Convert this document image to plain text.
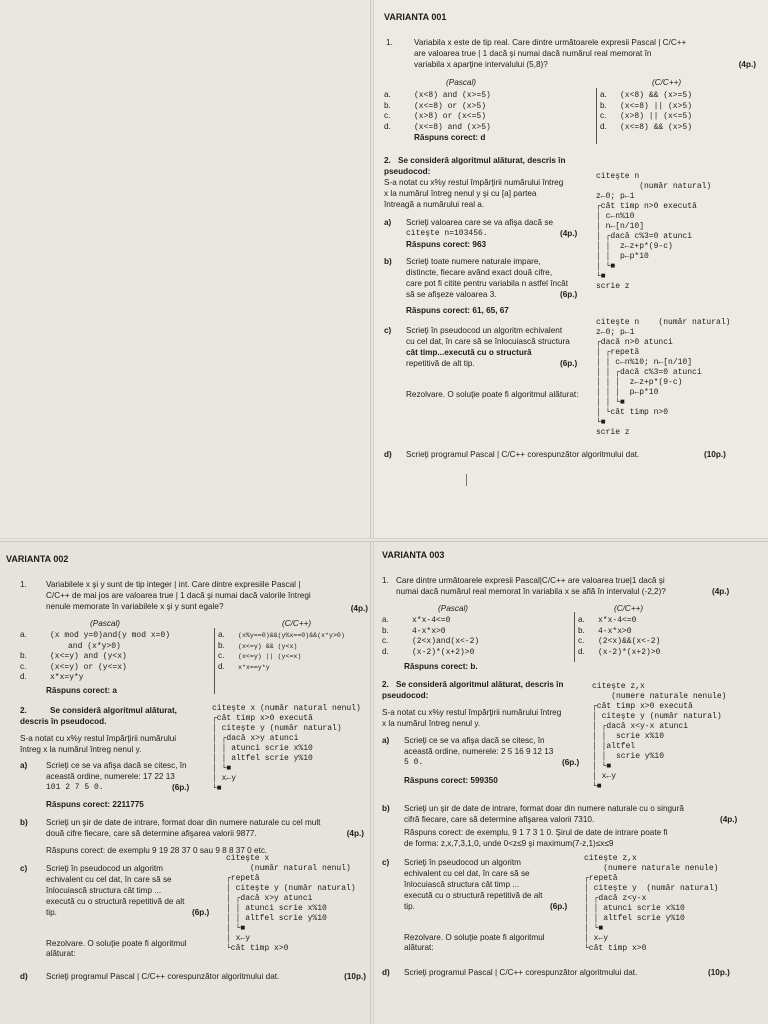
VARIANTA 001
1.	Variabila x este de tip real. Care dintre următoarele expresii Pascal | C/C++
are valoarea true | 1 dacă şi numai dacă numărul real memorat în
variabila x aparţine intervalului (5,8)?	(4p.)
(Pascal)	(C/C++)
a.	(x<8) and (x>=5)
b.	(x<=8) or (x>5)
c.	(x>8) or (x<=5)
d.	(x<=8) and (x>5)
a. (x<8) && (x>=5)
b. (x<=8) || (x>5)
c. (x>8) || (x<=5)
d. (x<=8) && (x>5)
Răspuns corect: d
2. Se consideră algoritmul alăturat, descris în
pseudocod:
S-a notat cu x%y restul împărţirii numărului întreg
x la numărul întreg nenul y şi cu [a] partea
întreagă a numărului real a.
a) Scrieţi valoarea care se va afişa dacă se
citeşte n=103456.	(4p.)
Răspuns corect: 963
b) Scrieţi toate numere naturale impare,
distincte, fiecare având exact două cifre,
care pot fi citite pentru variabila n astfel încât
să se afişeze valoarea 3.	(6p.)
Răspuns corect: 61, 65, 67
c) Scrieţi în pseudocod un algoritm echivalent
cu cel dat, în care să se înlocuiască structura
cât timp...execută cu o structură
repetitivă de alt tip.	(6p.)
Rezolvare. O soluţie poate fi algoritmul alăturat:
citeşte n
(număr natural)
z←0; p←1
┌cât timp n>0 execută
│ c←n%10
│ n←[n/10]
│ ┌dacă c%3=0 atunci
│ │  z←z+p*(9-c)
│ │  p←p*10
│ └■
└■
scrie z
citeşte n    (număr natural)
z←0; p←1
┌dacă n>0 atunci
│ ┌repetă
│ │ c←n%10; n←[n/10]
│ │ ┌dacă c%3=0 atunci
│ │ │  z←z+p*(9-c)
│ │ │  p←p*10
│ │ └■
│ └cât timp n>0
└■
scrie z
d) Scrieţi programul Pascal | C/C++ corespunzător algoritmului dat.	(10p.)
VARIANTA 002
1. Variabilele x şi y sunt de tip integer | int. Care dintre expresiile Pascal |
C/C++ de mai jos are valoarea true | 1 dacă şi numai dacă valorile întregi
nenule memorate în variabilele x şi y sunt egale?	(4p.)
(Pascal)	(C/C++)
a.	(x mod y=0)and(y mod x=0)
and (x*y>0)
b.	(x<=y) and (y<x)
c.	(x<=y) or (y<=x)
d.	x*x=y*y
a. (x%y==0)&&(y%x==0)&&(x*y>0)
b. (x<=y) && (y<x)
c. (x<=y) || (y<=x)
d. x*x==y*y
Răspuns corect: a
2.	Se consideră algoritmul alăturat,
descris în pseudocod.
S-a notat cu x%y restul împărţirii numărului
întreg x la numărul întreg nenul y.
a) Scrieţi ce se va afişa dacă se citesc, în
această ordine, numerele: 17 22 13
101 2 7 5 0.	(6p.)
Răspuns corect: 2211775
b) Scrieţi un şir de date de intrare, format doar din numere naturale cu cel mult
două cifre fiecare, care să determine afişarea valorii 9877.	(4p.)
Răspuns corect: de exemplu 9 19 28 37 0 sau 9 8 8 37 0 etc.
c) Scrieţi în pseudocod un algoritm
echivalent cu cel dat, în care să se
înlocuiască structura cât timp ...
execută cu o structură repetitivă de alt
tip.	(6p.)
Rezolvare. O soluţie poate fi algoritmul alăturat:
citeşte x (număr natural nenul)
┌cât timp x>0 execută
│ citeşte y (număr natural)
│ ┌dacă x>y atunci
│ │ atunci scrie x%10
│ │ altfel scrie y%10
│ └■
│ x←y
└■
citeşte x
(număr natural nenul)
┌repetă
│ citeşte y (număr natural)
│ ┌dacă x>y atunci
│ │ atunci scrie x%10
│ │ altfel scrie y%10
│ └■
│ x←y
└cât timp x>0
d) Scrieţi programul Pascal | C/C++ corespunzător algoritmului dat.	(10p.)
VARIANTA 003
1. Care dintre următoarele expresii Pascal|C/C++ are valoarea true|1 dacă şi
numai dacă numărul real memorat în variabila x se află în intervalul (-2,2)?	(4p.)
(Pascal)	(C/C++)
a.	x*x-4<=0
b.	4-x*x>0
c.	(2<x)and(x<-2)
d.	(x-2)*(x+2)>0
a. x*x-4<=0
b. 4-x*x>0
c. (2<x)&&(x<-2)
d. (x-2)*(x+2)>0
Răspuns corect: b.
2. Se consideră algoritmul alăturat, descris în
pseudocod:
S-a notat cu x%y restul împărţirii numărului întreg
x la numărul întreg nenul y.
a) Scrieţi ce se va afişa dacă se citesc, în
această ordine, numerele: 2 5 16 9 12 13
5 0.	(6p.)
Răspuns corect: 599350
b) Scrieţi un şir de date de intrare, format doar din numere naturale cu o singură
cifră fiecare, care să determine afişarea valorii 7310.	(4p.)
Răspuns corect: de exemplu, 9 1 7 3 1 0. Şirul de date de intrare poate fi
de forma: z,x,7,3,1,0, unde 0<z≤9 şi maximum(7-z,1)≤x≤9
c) Scrieţi în pseudocod un algoritm
echivalent cu cel dat, în care să se
înlocuiască structura cât timp ...
execută cu o structură repetitivă de alt
tip.	(6p.)
Rezolvare. O soluţie poate fi algoritmul alăturat:
citeşte z,x
(numere naturale nenule)
┌cât timp x>0 execută
│ citeşte y (număr natural)
│ ┌dacă x<y-x atunci
│ │  scrie x%10
│ │altfel
│ │  scrie y%10
│ └■
│ x←y
└■
citeşte z,x
(numere naturale nenule)
┌repetă
│ citeşte y  (număr natural)
│ ┌dacă z<y-x
│ │ atunci scrie x%10
│ │ altfel scrie y%10
│ └■
│ x←y
└cât timp x>0
d) Scrieţi programul Pascal | C/C++ corespunzător algoritmului dat.	(10p.)
